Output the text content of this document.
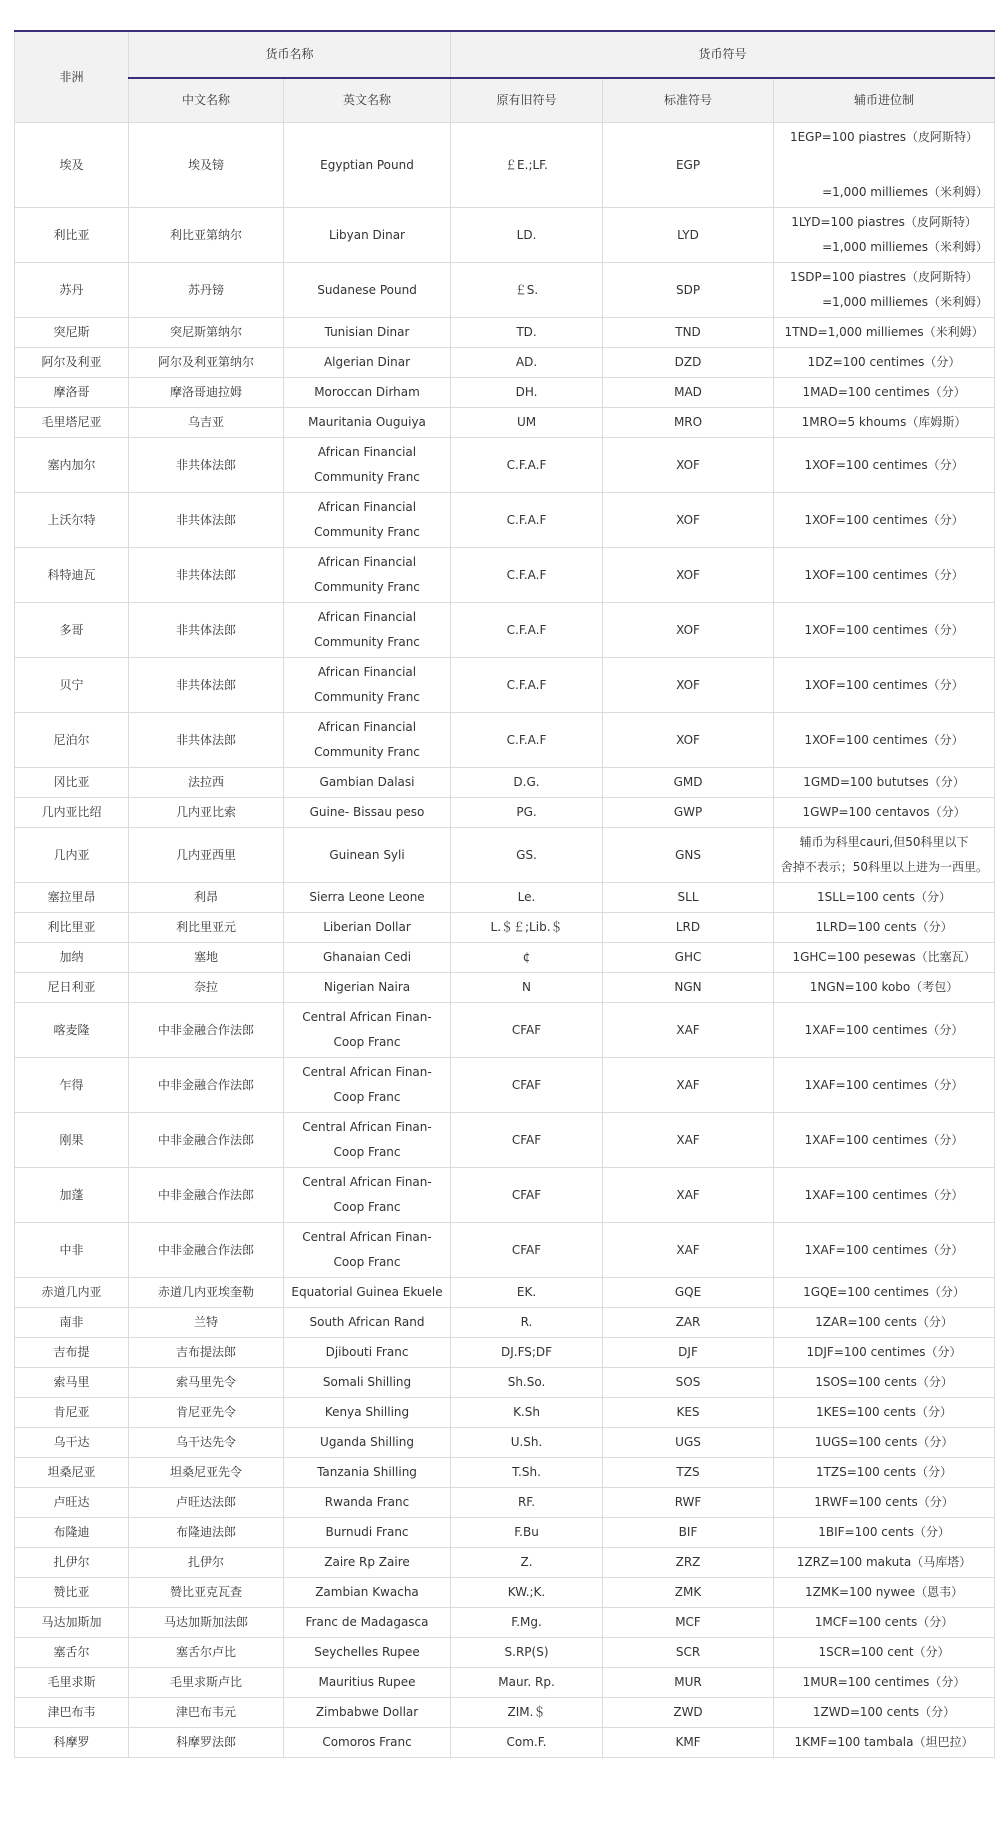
非洲	货币名称		货币符号		
	中文名称	英文名称	原有旧符号	标准符号	辅币进位制
埃及	埃及镑	Egyptian Pound	￡E.;LF.	EGP	1EGP=100 piastres（皮阿斯特）
=1,000 milliemes（米利姆）

利比亚	利比亚第纳尔	Libyan Dinar	LD.	LYD	1LYD=100 piastres（皮阿斯特）
=1,000 milliemes（米利姆）

苏丹	苏丹镑	Sudanese Pound	￡S.	SDP	1SDP=100 piastres（皮阿斯特）
=1,000 milliemes（米利姆）

突尼斯	突尼斯第纳尔	Tunisian Dinar	TD.	TND	1TND=1,000 milliemes（米利姆）

阿尔及利亚	阿尔及利亚第纳尔	Algerian Dinar	AD.	DZD	1DZ=100 centimes（分）

摩洛哥	摩洛哥迪拉姆	Moroccan Dirham	DH.	MAD	1MAD=100 centimes（分）

毛里塔尼亚	乌吉亚	Mauritania Ouguiya	UM	MRO	1MRO=5 khoums（库姆斯）

塞内加尔	非共体法郎	African Financial Community Franc	C.F.A.F	XOF	1XOF=100 centimes（分）

上沃尔特	非共体法郎	African Financial Community Franc	C.F.A.F	XOF	1XOF=100 centimes（分）

科特迪瓦	非共体法郎	African Financial Community Franc	C.F.A.F	XOF	1XOF=100 centimes（分）

多哥	非共体法郎	African Financial Community Franc	C.F.A.F	XOF	1XOF=100 centimes（分）

贝宁	非共体法郎	African Financial Community Franc	C.F.A.F	XOF	1XOF=100 centimes（分）

尼泊尔	非共体法郎	African Financial Community Franc	C.F.A.F	XOF	1XOF=100 centimes（分）

冈比亚	法拉西	Gambian Dalasi	D.G.	GMD	1GMD=100 bututses（分）

几内亚比绍	几内亚比索	Guine- Bissau peso	PG.	GWP	1GWP=100 centavos（分）

几内亚	几内亚西里	Guinean Syli	GS.	GNS	辅币为科里cauri,但50科里以下
舍掉不表示；50科里以上进为一西里。

塞拉里昂	利昂	Sierra Leone Leone	Le.	SLL	1SLL=100 cents（分）

利比里亚	利比里亚元	Liberian Dollar	L.＄￡;Lib.＄	LRD	1LRD=100 cents（分）

加纳	塞地	Ghanaian Cedi	¢	GHC	1GHC=100 pesewas（比塞瓦）

尼日利亚	奈拉	Nigerian Naira	N	NGN	1NGN=100 kobo（考包）

喀麦隆	中非金融合作法郎	Central African Finan-Coop Franc	CFAF	XAF	1XAF=100 centimes（分）

乍得	中非金融合作法郎	Central African Finan-Coop Franc	CFAF	XAF	1XAF=100 centimes（分）

刚果	中非金融合作法郎	Central African Finan-Coop Franc	CFAF	XAF	1XAF=100 centimes（分）

加蓬	中非金融合作法郎	Central African Finan-Coop Franc	CFAF	XAF	1XAF=100 centimes（分）

中非	中非金融合作法郎	Central African Finan-Coop Franc	CFAF	XAF	1XAF=100 centimes（分）

赤道几内亚	赤道几内亚埃奎勒	Equatorial Guinea Ekuele	EK.	GQE	1GQE=100 centimes（分）

南非	兰特	South African Rand	R.	ZAR	1ZAR=100 cents（分）

吉布提	吉布提法郎	Djibouti Franc	DJ.FS;DF	DJF	1DJF=100 centimes（分）

索马里	索马里先令	Somali Shilling	Sh.So.	SOS	1SOS=100 cents（分）

肯尼亚	肯尼亚先令	Kenya Shilling	K.Sh	KES	1KES=100 cents（分）

乌干达	乌干达先令	Uganda Shilling	U.Sh.	UGS	1UGS=100 cents（分）

坦桑尼亚	坦桑尼亚先令	Tanzania Shilling	T.Sh.	TZS	1TZS=100 cents（分）

卢旺达	卢旺达法郎	Rwanda Franc	RF.	RWF	1RWF=100 cents（分）

布隆迪	布隆迪法郎	Burnudi Franc	F.Bu	BIF	1BIF=100 cents（分）

扎伊尔	扎伊尔	Zaire Rp Zaire	Z.	ZRZ	1ZRZ=100 makuta（马库塔）

赞比亚	赞比亚克瓦查	Zambian Kwacha	KW.;K.	ZMK	1ZMK=100 nywee（恩韦）

马达加斯加	马达加斯加法郎	Franc de Madagasca	F.Mg.	MCF	1MCF=100 cents（分）

塞舌尔	塞舌尔卢比	Seychelles Rupee	S.RP(S)	SCR	1SCR=100 cent（分）

毛里求斯	毛里求斯卢比	Mauritius Rupee	Maur. Rp.	MUR	1MUR=100 centimes（分）

津巴布韦	津巴布韦元	Zimbabwe Dollar	ZIM.＄	ZWD	1ZWD=100 cents（分）

科摩罗	科摩罗法郎	Comoros Franc	Com.F.	KMF	1KMF=100 tambala（坦巴拉）
